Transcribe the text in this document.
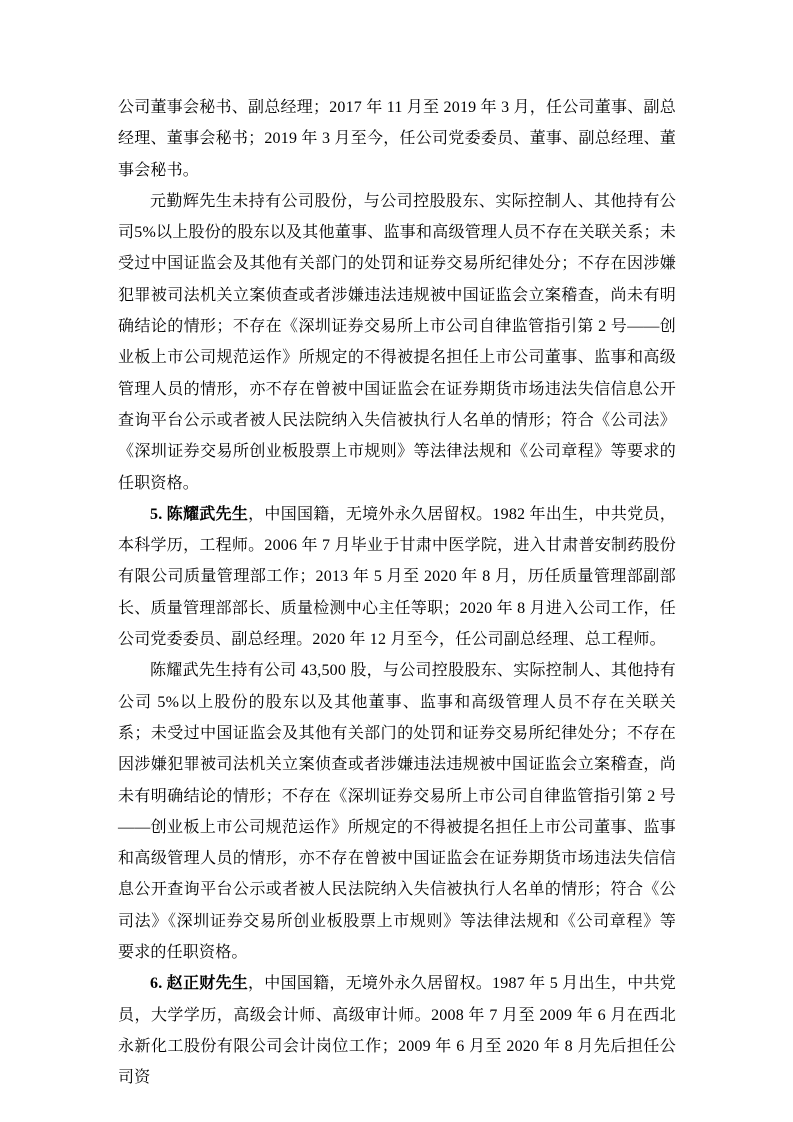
公司董事会秘书、副总经理；2017 年 11 月至 2019 年 3 月，任公司董事、副总经理、董事会秘书；2019 年 3 月至今，任公司党委委员、董事、副总经理、董事会秘书。

元勤辉先生未持有公司股份，与公司控股股东、实际控制人、其他持有公司5%以上股份的股东以及其他董事、监事和高级管理人员不存在关联关系；未受过中国证监会及其他有关部门的处罚和证券交易所纪律处分；不存在因涉嫌犯罪被司法机关立案侦查或者涉嫌违法违规被中国证监会立案稽查，尚未有明确结论的情形；不存在《深圳证券交易所上市公司自律监管指引第 2 号——创业板上市公司规范运作》所规定的不得被提名担任上市公司董事、监事和高级管理人员的情形，亦不存在曾被中国证监会在证券期货市场违法失信信息公开查询平台公示或者被人民法院纳入失信被执行人名单的情形；符合《公司法》《深圳证券交易所创业板股票上市规则》等法律法规和《公司章程》等要求的任职资格。

5. 陈耀武先生，中国国籍，无境外永久居留权。1982 年出生，中共党员，本科学历，工程师。2006 年 7 月毕业于甘肃中医学院，进入甘肃普安制药股份有限公司质量管理部工作；2013 年 5 月至 2020 年 8 月，历任质量管理部副部长、质量管理部部长、质量检测中心主任等职；2020 年 8 月进入公司工作，任公司党委委员、副总经理。2020 年 12 月至今，任公司副总经理、总工程师。

陈耀武先生持有公司 43,500 股，与公司控股股东、实际控制人、其他持有公司 5%以上股份的股东以及其他董事、监事和高级管理人员不存在关联关系；未受过中国证监会及其他有关部门的处罚和证券交易所纪律处分；不存在因涉嫌犯罪被司法机关立案侦查或者涉嫌违法违规被中国证监会立案稽查，尚未有明确结论的情形；不存在《深圳证券交易所上市公司自律监管指引第 2 号——创业板上市公司规范运作》所规定的不得被提名担任上市公司董事、监事和高级管理人员的情形，亦不存在曾被中国证监会在证券期货市场违法失信信息公开查询平台公示或者被人民法院纳入失信被执行人名单的情形；符合《公司法》《深圳证券交易所创业板股票上市规则》等法律法规和《公司章程》等要求的任职资格。

6. 赵正财先生，中国国籍，无境外永久居留权。1987 年 5 月出生，中共党员，大学学历，高级会计师、高级审计师。2008 年 7 月至 2009 年 6 月在西北永新化工股份有限公司会计岗位工作；2009 年 6 月至 2020 年 8 月先后担任公司资
